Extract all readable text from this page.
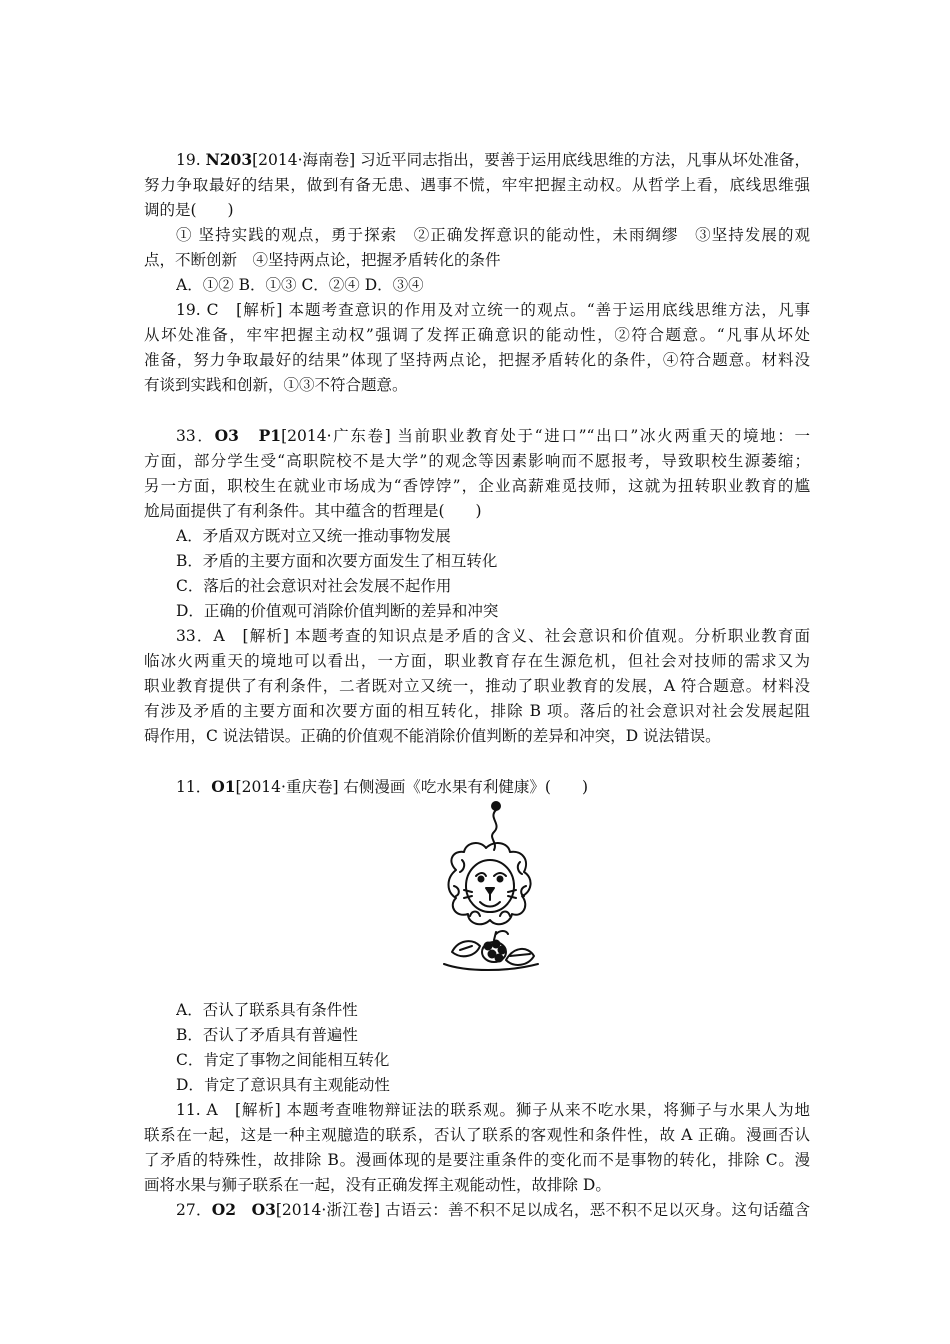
19. N203[2014·海南卷] 习近平同志指出，要善于运用底线思维的方法，凡事从坏处准备，
努力争取最好的结果，做到有备无患、遇事不慌，牢牢把握主动权。从哲学上看，底线思维强
调的是(　　)
① 坚持实践的观点，勇于探索　②正确发挥意识的能动性，未雨绸缪　③坚持发展的观
点，不断创新　④坚持两点论，把握矛盾转化的条件
A．①② B．①③ C．②④ D．③④
19. C　[解析] 本题考查意识的作用及对立统一的观点。“善于运用底线思维方法，凡事
从坏处准备，牢牢把握主动权”强调了发挥正确意识的能动性，②符合题意。“凡事从坏处
准备，努力争取最好的结果”体现了坚持两点论，把握矛盾转化的条件，④符合题意。材料没
有谈到实践和创新，①③不符合题意。
33．O3 P1[2014·广东卷] 当前职业教育处于“进口”“出口”冰火两重天的境地：一
方面，部分学生受“高职院校不是大学”的观念等因素影响而不愿报考，导致职校生源萎缩；
另一方面，职校生在就业市场成为“香饽饽”，企业高薪难觅技师，这就为扭转职业教育的尴
尬局面提供了有利条件。其中蕴含的哲理是(　　)
A．矛盾双方既对立又统一推动事物发展
B．矛盾的主要方面和次要方面发生了相互转化
C．落后的社会意识对社会发展不起作用
D．正确的价值观可消除价值判断的差异和冲突
33．A　[解析] 本题考查的知识点是矛盾的含义、社会意识和价值观。分析职业教育面
临冰火两重天的境地可以看出，一方面，职业教育存在生源危机，但社会对技师的需求又为
职业教育提供了有利条件，二者既对立又统一，推动了职业教育的发展，A 符合题意。材料没
有涉及矛盾的主要方面和次要方面的相互转化，排除 B 项。落后的社会意识对社会发展起阻
碍作用，C 说法错误。正确的价值观不能消除价值判断的差异和冲突，D 说法错误。
11．O1[2014·重庆卷] 右侧漫画《吃水果有利健康》(　　)
A．否认了联系具有条件性
B．否认了矛盾具有普遍性
C．肯定了事物之间能相互转化
D．肯定了意识具有主观能动性
11. A　[解析] 本题考查唯物辩证法的联系观。狮子从来不吃水果，将狮子与水果人为地
联系在一起，这是一种主观臆造的联系，否认了联系的客观性和条件性，故 A 正确。漫画否认
了矛盾的特殊性，故排除 B。漫画体现的是要注重条件的变化而不是事物的转化，排除 C。漫
画将水果与狮子联系在一起，没有正确发挥主观能动性，故排除 D。
27．O2 O3[2014·浙江卷] 古语云：善不积不足以成名，恶不积不足以灭身。这句话蕴含
